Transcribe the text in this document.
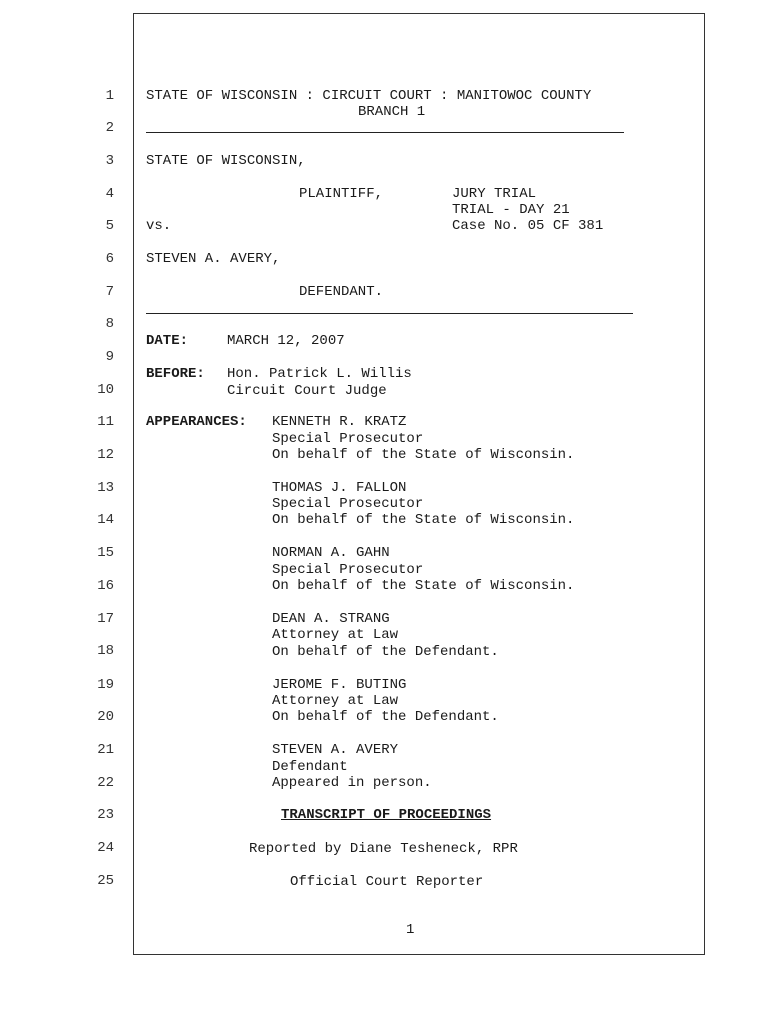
1
2
3
4
5
6
7
8
9
10
11
12
13
14
15
16
17
18
19
20
21
22
23
24
25
STATE OF WISCONSIN : CIRCUIT COURT : MANITOWOC COUNTY
BRANCH 1
STATE OF WISCONSIN,
PLAINTIFF,	JURY TRIAL
TRIAL - DAY 21
vs.	Case No. 05 CF 381
STEVEN A. AVERY,
DEFENDANT.
DATE:	MARCH 12, 2007
BEFORE: Hon. Patrick L. Willis
Circuit Court Judge
APPEARANCES: KENNETH R. KRATZ
Special Prosecutor
On behalf of the State of Wisconsin.
THOMAS J. FALLON
Special Prosecutor
On behalf of the State of Wisconsin.
NORMAN A. GAHN
Special Prosecutor
On behalf of the State of Wisconsin.
DEAN A. STRANG
Attorney at Law
On behalf of the Defendant.
JEROME F. BUTING
Attorney at Law
On behalf of the Defendant.
STEVEN A. AVERY
Defendant
Appeared in person.
TRANSCRIPT OF PROCEEDINGS
Reported by Diane Tesheneck, RPR
Official Court Reporter
1
